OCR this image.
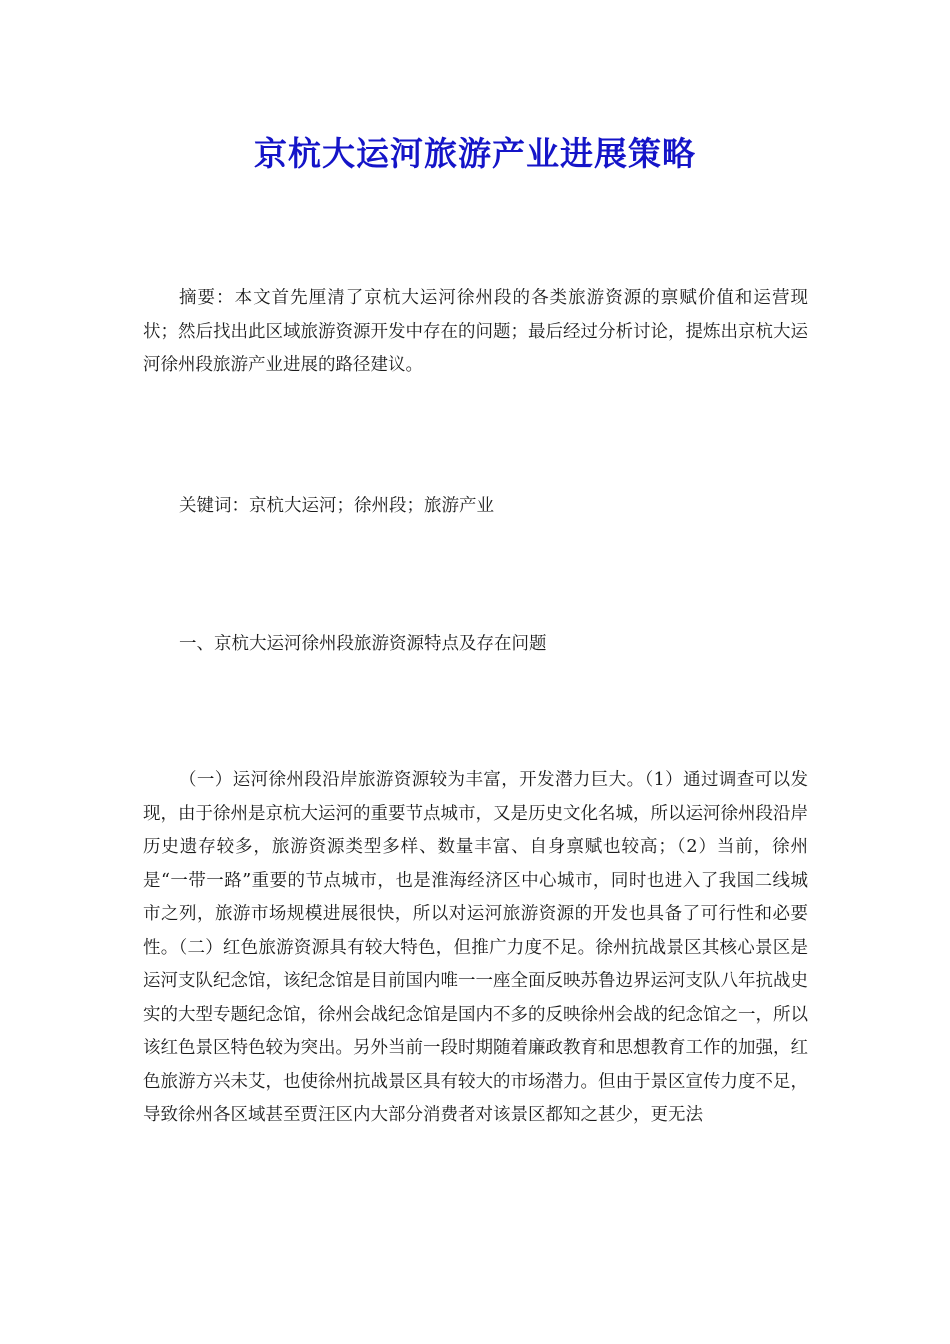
京杭大运河旅游产业进展策略

摘要：本文首先厘清了京杭大运河徐州段的各类旅游资源的禀赋价值和运营现状；然后找出此区域旅游资源开发中存在的问题；最后经过分析讨论，提炼出京杭大运河徐州段旅游产业进展的路径建议。

关键词：京杭大运河；徐州段；旅游产业

一、京杭大运河徐州段旅游资源特点及存在问题

（一）运河徐州段沿岸旅游资源较为丰富，开发潜力巨大。（1）通过调查可以发现，由于徐州是京杭大运河的重要节点城市，又是历史文化名城，所以运河徐州段沿岸历史遗存较多，旅游资源类型多样、数量丰富、自身禀赋也较高；（2）当前，徐州是“一带一路”重要的节点城市，也是淮海经济区中心城市，同时也进入了我国二线城市之列，旅游市场规模进展很快，所以对运河旅游资源的开发也具备了可行性和必要性。（二）红色旅游资源具有较大特色，但推广力度不足。徐州抗战景区其核心景区是运河支队纪念馆，该纪念馆是目前国内唯一一座全面反映苏鲁边界运河支队八年抗战史实的大型专题纪念馆，徐州会战纪念馆是国内不多的反映徐州会战的纪念馆之一，所以该红色景区特色较为突出。另外当前一段时期随着廉政教育和思想教育工作的加强，红色旅游方兴未艾，也使徐州抗战景区具有较大的市场潜力。但由于景区宣传力度不足，导致徐州各区域甚至贾汪区内大部分消费者对该景区都知之甚少，更无法
